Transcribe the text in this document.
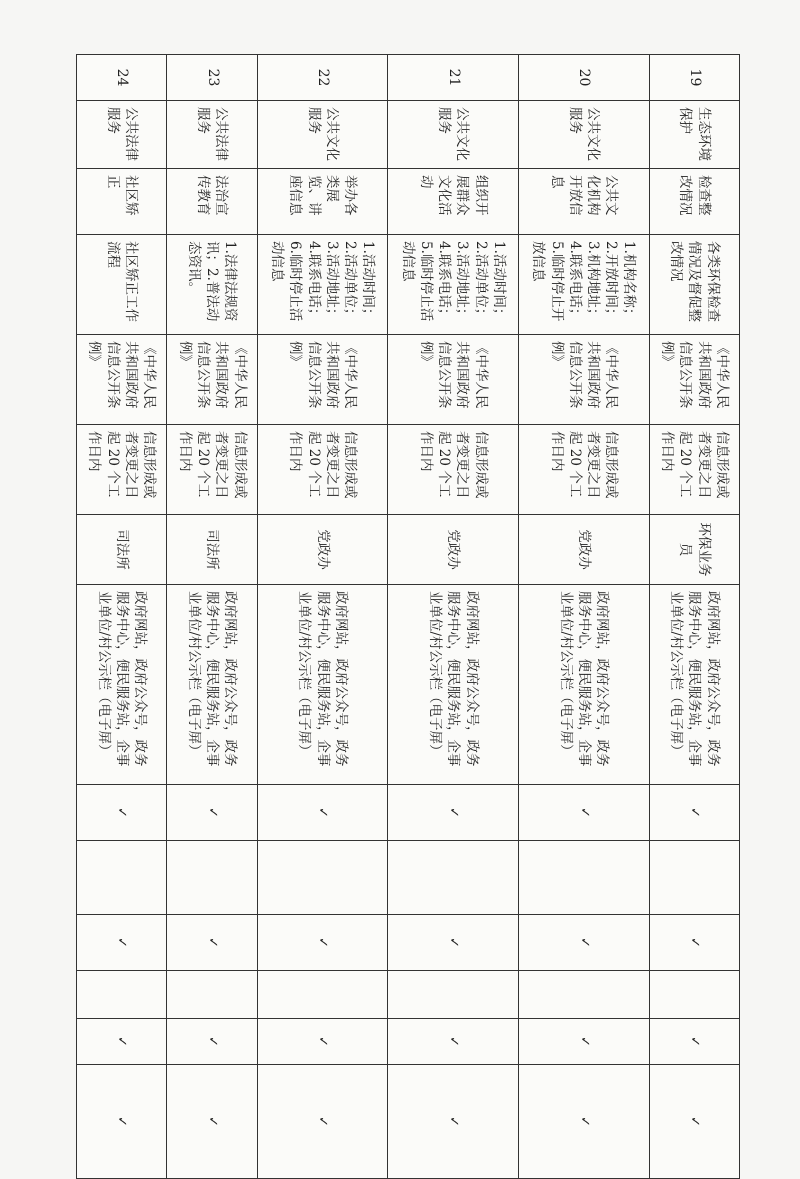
19	生态环境保护	检查整改情况	各类环保检查情况及督促整改情况	《中华人民共和国政府信息公开条例》	信息形成或者变更之日起 20 个工作日内	环保业务员	政府网站，政府公众号，政务服务中心，便民服务站，企事业单位/村公示栏（电子屏）	✓		✓		✓	✓
20	公共文化服务	公共文化机构开放信息	1.机构名称；2.开放时间；3.机构地址；4.联系电话；5.临时停止开放信息	《中华人民共和国政府信息公开条例》	信息形成或者变更之日起 20 个工作日内	党政办	政府网站，政府公众号，政务服务中心，便民服务站，企事业单位/村公示栏（电子屏）	✓		✓		✓	✓
21	公共文化服务	组织开展群众文化活动	1.活动时间；2.活动单位；3.活动地址；4.联系电话；5.临时停止活动信息	《中华人民共和国政府信息公开条例》	信息形成或者变更之日起 20 个工作日内	党政办	政府网站，政府公众号，政务服务中心，便民服务站，企事业单位/村公示栏（电子屏）	✓		✓		✓	✓
22	公共文化服务	举办各类展览、讲座信息	1.活动时间；2.活动单位；3.活动地址；4.联系电话；6.临时停止活动信息	《中华人民共和国政府信息公开条例》	信息形成或者变更之日起 20 个工作日内	党政办	政府网站，政府公众号，政务服务中心，便民服务站，企事业单位/村公示栏（电子屏）	✓		✓		✓	✓
23	公共法律服务	法治宣传教育	1.法律法规资讯；2.普法动态资讯。	《中华人民共和国政府信息公开条例》	信息形成或者变更之日起 20 个工作日内	司法所	政府网站，政府公众号，政务服务中心，便民服务站，企事业单位/村公示栏（电子屏）	✓		✓		✓	✓
24	公共法律服务	社区矫正	社区矫正工作流程	《中华人民共和国政府信息公开条例》	信息形成或者变更之日起 20 个工作日内	司法所	政府网站，政府公众号，政务服务中心，便民服务站，企事业单位/村公示栏（电子屏）	✓		✓		✓	✓
